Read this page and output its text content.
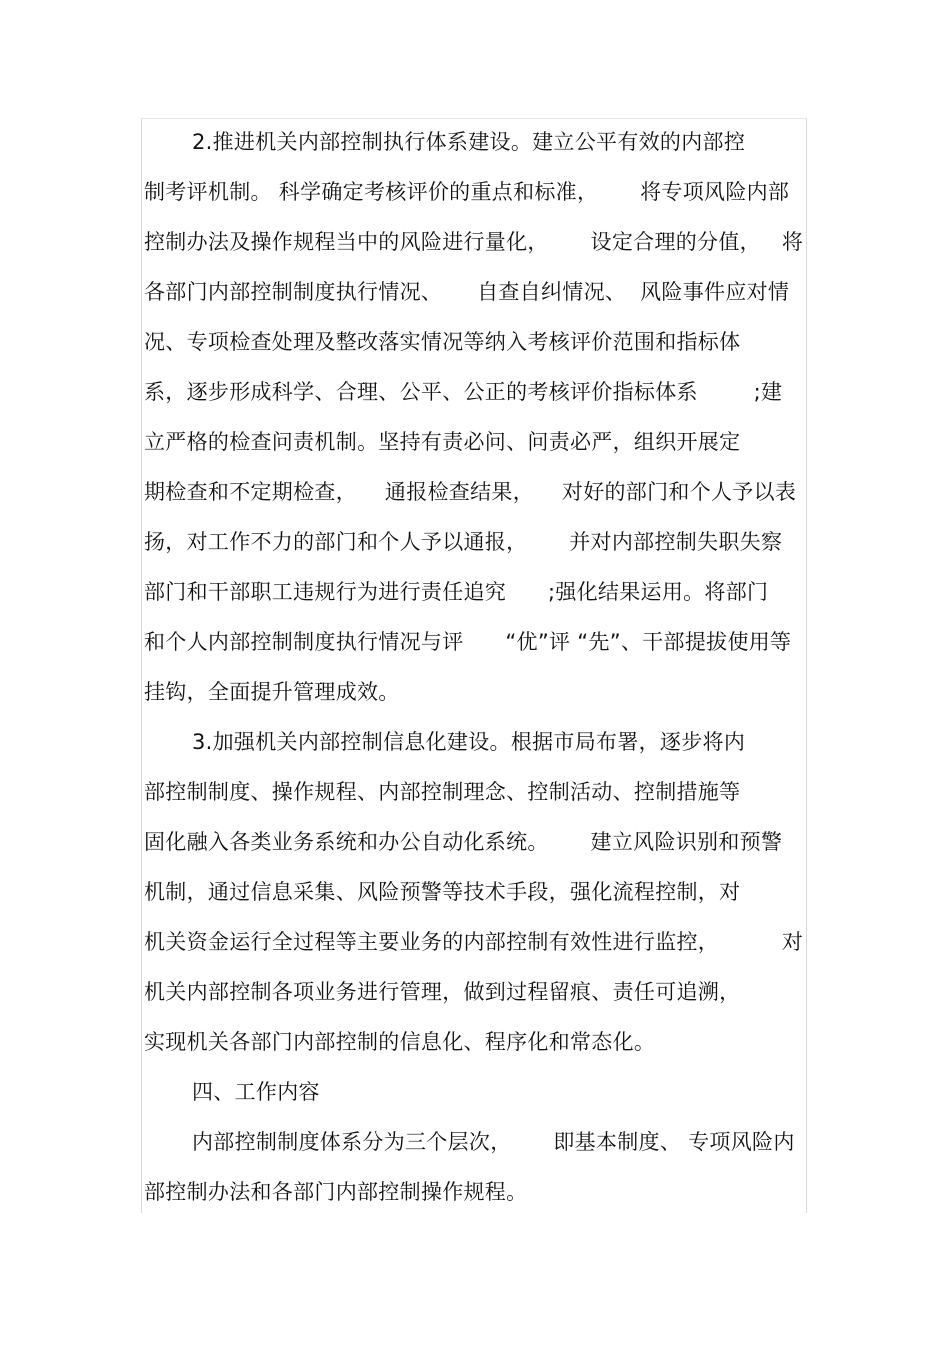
2.推进机关内部控制执行体系建设。建立公平有效的内部控
制考评机制。 科学确定考核评价的重点和标准，      将专项风险内部
控制办法及操作规程当中的风险进行量化，      设定合理的分值，   将
各部门内部控制制度执行情况、     自查自纠情况、  风险事件应对情
况、专项检查处理及整改落实情况等纳入考核评价范围和指标体
系，逐步形成科学、合理、公平、公正的考核评价指标体系        ;建
立严格的检查问责机制。坚持有责必问、问责必严，组织开展定
期检查和不定期检查，    通报检查结果，    对好的部门和个人予以表
扬，对工作不力的部门和个人予以通报，      并对内部控制失职失察
部门和干部职工违规行为进行责任追究      ;强化结果运用。将部门
和个人内部控制制度执行情况与评      “优”评 “先”、干部提拔使用等
挂钩，全面提升管理成效。
3.加强机关内部控制信息化建设。根据市局布署，逐步将内
部控制制度、操作规程、内部控制理念、控制活动、控制措施等
固化融入各类业务系统和办公自动化系统。      建立风险识别和预警
机制，通过信息采集、风险预警等技术手段，强化流程控制，对
机关资金运行全过程等主要业务的内部控制有效性进行监控，         对
机关内部控制各项业务进行管理，做到过程留痕、责任可追溯，
实现机关各部门内部控制的信息化、程序化和常态化。
四、工作内容
内部控制制度体系分为三个层次，      即基本制度、 专项风险内
部控制办法和各部门内部控制操作规程。
